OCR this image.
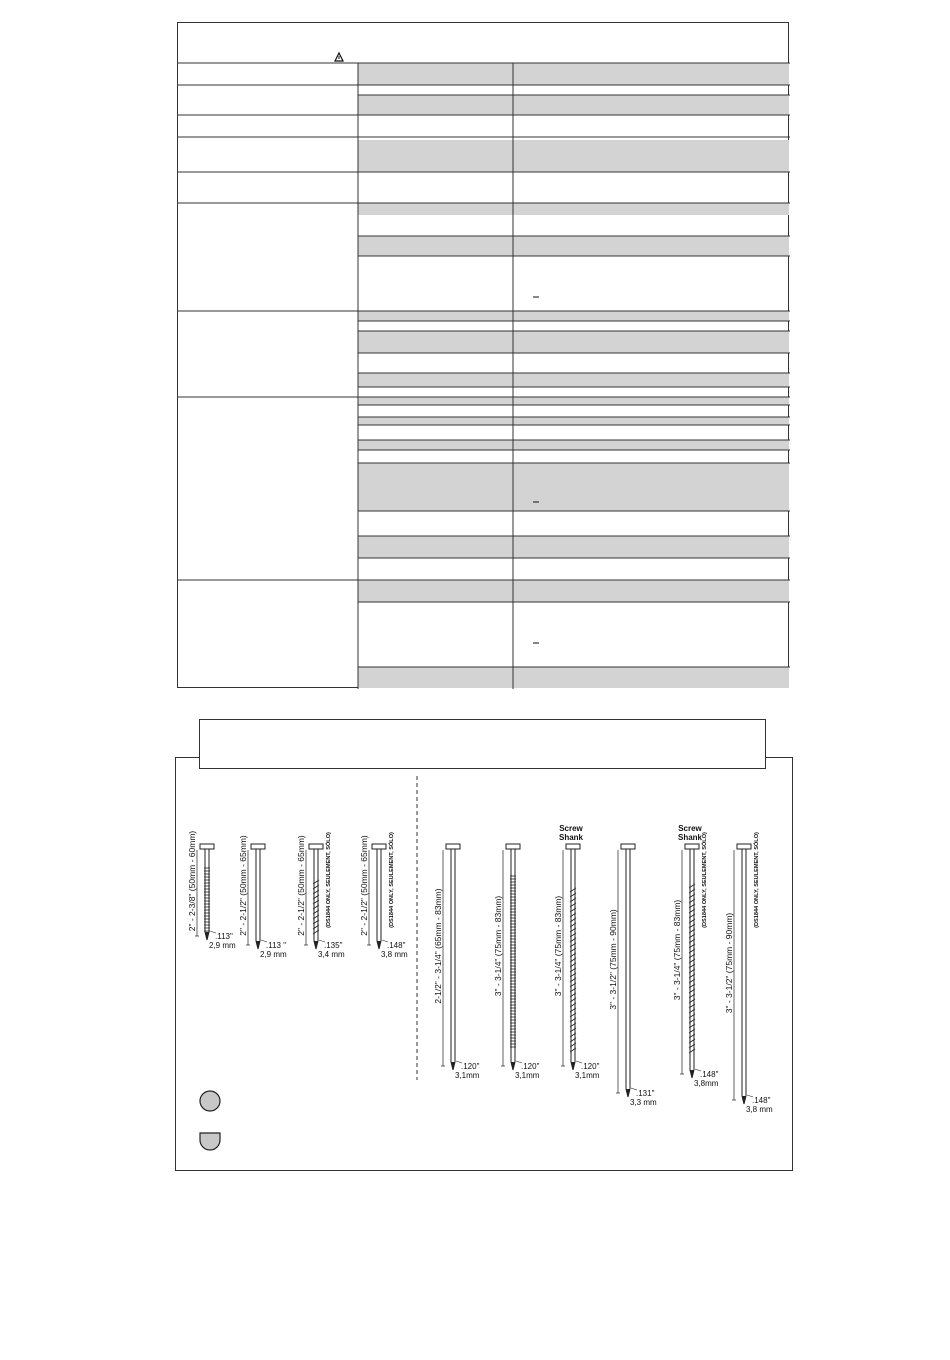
2" - 2-3/8" (50mm - 60mm)
.113"
2,9 mm
2" - 2-1/2" (50mm - 65mm)
.113 "
2,9 mm
2" - 2-1/2" (50mm - 65mm)	(DS1844 ONLY, SEULEMENT, SÓLO)
.135"
3,4 mm
2" - 2-1/2" (50mm - 65mm)	(DS1844 ONLY, SEULEMENT, SÓLO)
.148"
3,8 mm	2-1/2" - 3-1/4" (65mm - 83mm)
.120"
3,1mm
3" - 3-1/4" (75mm - 83mm)
.120"
3,1mm
3" - 3-1/4" (75mm - 83mm)
Screw
Shank
.120"
3,1mm
3" - 3-1/2" (75mm - 90mm)
.131"
3,3 mm
3" - 3-1/4" (75mm - 83mm)
(DS1844 ONLY, SEULEMENT, SÓLO)
Screw
Shank
.148"
3,8mm
3" - 3-1/2" (75mm - 90mm)
(DS1844 ONLY, SEULEMENT, SÓLO)
.148"
3,8 mm
